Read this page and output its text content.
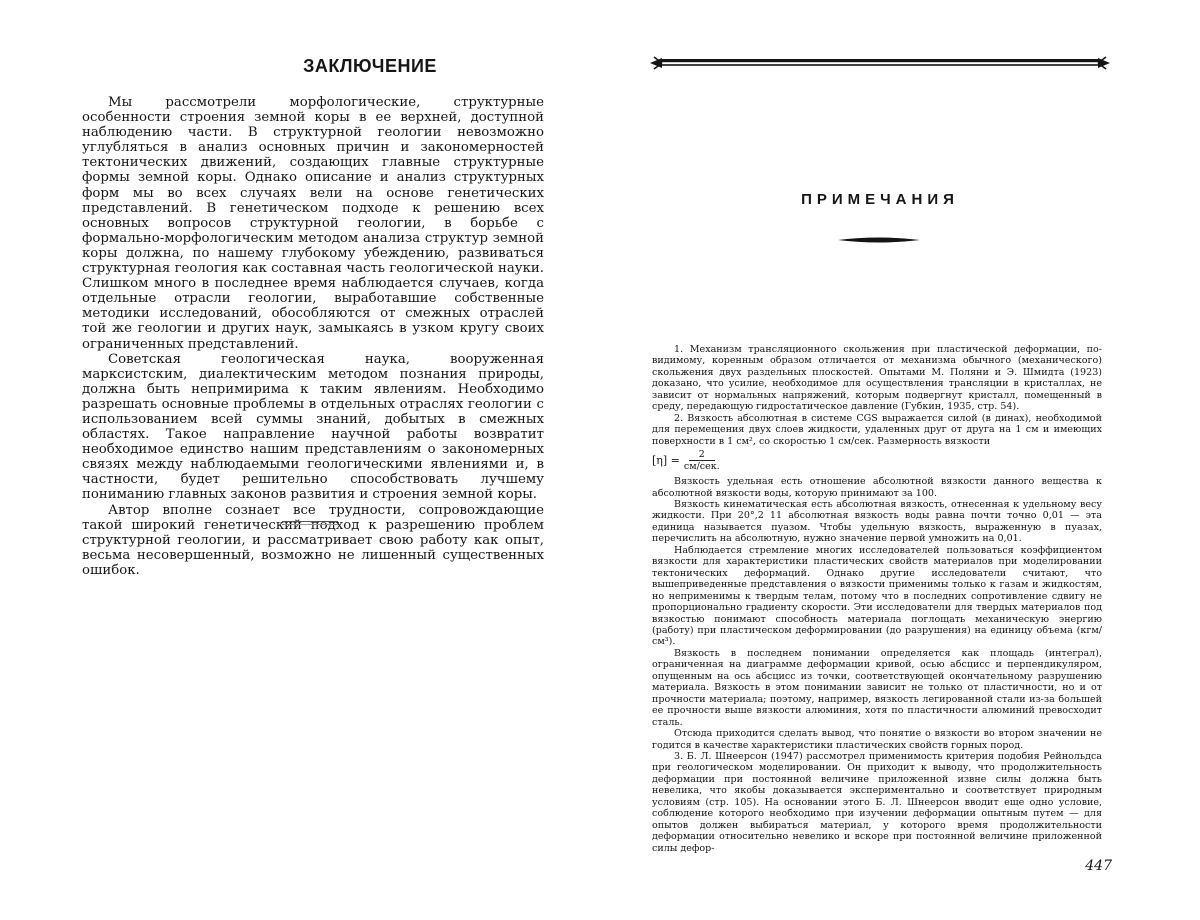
ЗАКЛЮЧЕНИЕ

Мы рассмотрели морфологические, структурные особенности строения земной коры в ее верхней, доступной наблюдению части. В структурной геологии невозможно углубляться в анализ основных причин и закономерностей тектонических движений, создающих главные структурные формы земной коры. Однако описание и анализ структурных форм мы во всех случаях вели на основе генетических представлений. В генетическом подходе к решению всех основных вопросов структурной геологии, в борьбе с формально-морфологическим методом анализа структур земной коры должна, по нашему глубокому убеждению, развиваться структурная геология как составная часть геологической науки. Слишком много в последнее время наблюдается случаев, когда отдельные отрасли геологии, выработавшие собственные методики исследований, обособляются от смежных отраслей той же геологии и других наук, замыкаясь в узком кругу своих ограниченных представлений.

Советская геологическая наука, вооруженная марксистским, диалектическим методом познания природы, должна быть непримирима к таким явлениям. Необходимо разрешать основные проблемы в отдельных отраслях геологии с использованием всей суммы знаний, добытых в смежных областях. Такое направление научной работы возвратит необходимое единство нашим представлениям о закономерных связях между наблюдаемыми геологическими явлениями и, в частности, будет решительно способствовать лучшему пониманию главных законов развития и строения земной коры.

Автор вполне сознает все трудности, сопровождающие такой широкий генетический подход к разрешению проблем структурной геологии, и рассматривает свою работу как опыт, весьма несовершенный, возможно не лишенный существенных ошибок.

ПРИМЕЧАНИЯ

1. Механизм трансляционного скольжения при пластической деформации, по-видимому, коренным образом отличается от механизма обычного (механического) скольжения двух раздельных плоскостей. Опытами М. Поляни и Э. Шмидта (1923) доказано, что усилие, необходимое для осуществления трансляции в кристаллах, не зависит от нормальных напряжений, которым подвергнут кристалл, помещенный в среду, передающую гидростатическое давление (Губкин, 1935, стр. 54).

2. Вязкость абсолютная в системе CGS выражается силой (в динах), необходимой для перемещения двух слоев жидкости, удаленных друг от друга на 1 см и имеющих поверхности в 1 см², со скоростью 1 см/сек. Размерность вязкости

$[\eta] = \frac{2}{\text{см/сек.}}$

Вязкость удельная есть отношение абсолютной вязкости данного вещества к абсолютной вязкости воды, которую принимают за 100.

Вязкость кинематическая есть абсолютная вязкость, отнесенная к удельному весу жидкости. При 20°,2 11 абсолютная вязкость воды равна почти точно 0,01 — эта единица называется пуазом. Чтобы удельную вязкость, выраженную в пуазах, перечислить на абсолютную, нужно значение первой умножить на 0,01.

Наблюдается стремление многих исследователей пользоваться коэффициентом вязкости для характеристики пластических свойств материалов при моделировании тектонических деформаций. Однако другие исследователи считают, что вышеприведенные представления о вязкости применимы только к газам и жидкостям, но неприменимы к твердым телам, потому что в последних сопротивление сдвигу не пропорционально градиенту скорости. Эти исследователи для твердых материалов под вязкостью понимают способность материала поглощать механическую энергию (работу) при пластическом деформировании (до разрушения) на единицу объема (кгм/см³).

Вязкость в последнем понимании определяется как площадь (интеграл), ограниченная на диаграмме деформации кривой, осью абсцисс и перпендикуляром, опущенным на ось абсцисс из точки, соответствующей окончательному разрушению материала. Вязкость в этом понимании зависит не только от пластичности, но и от прочности материала; поэтому, например, вязкость легированной стали из-за большей ее прочности выше вязкости алюминия, хотя по пластичности алюминий превосходит сталь.

Отсюда приходится сделать вывод, что понятие о вязкости во втором значении не годится в качестве характеристики пластических свойств горных пород.

3. Б. Л. Шнеерсон (1947) рассмотрел применимость критерия подобия Рейнольдса при геологическом моделировании. Он приходит к выводу, что продолжительность деформации при постоянной величине приложенной извне силы должна быть невелика, что якобы доказывается экспериментально и соответствует природным условиям (стр. 105). На основании этого Б. Л. Шнеерсон вводит еще одно условие, соблюдение которого необходимо при изучении деформации опытным путем — для опытов должен выбираться материал, у которого время продолжительности деформации относительно невелико и вскоре при постоянной величине приложенной силы дефор-

447
